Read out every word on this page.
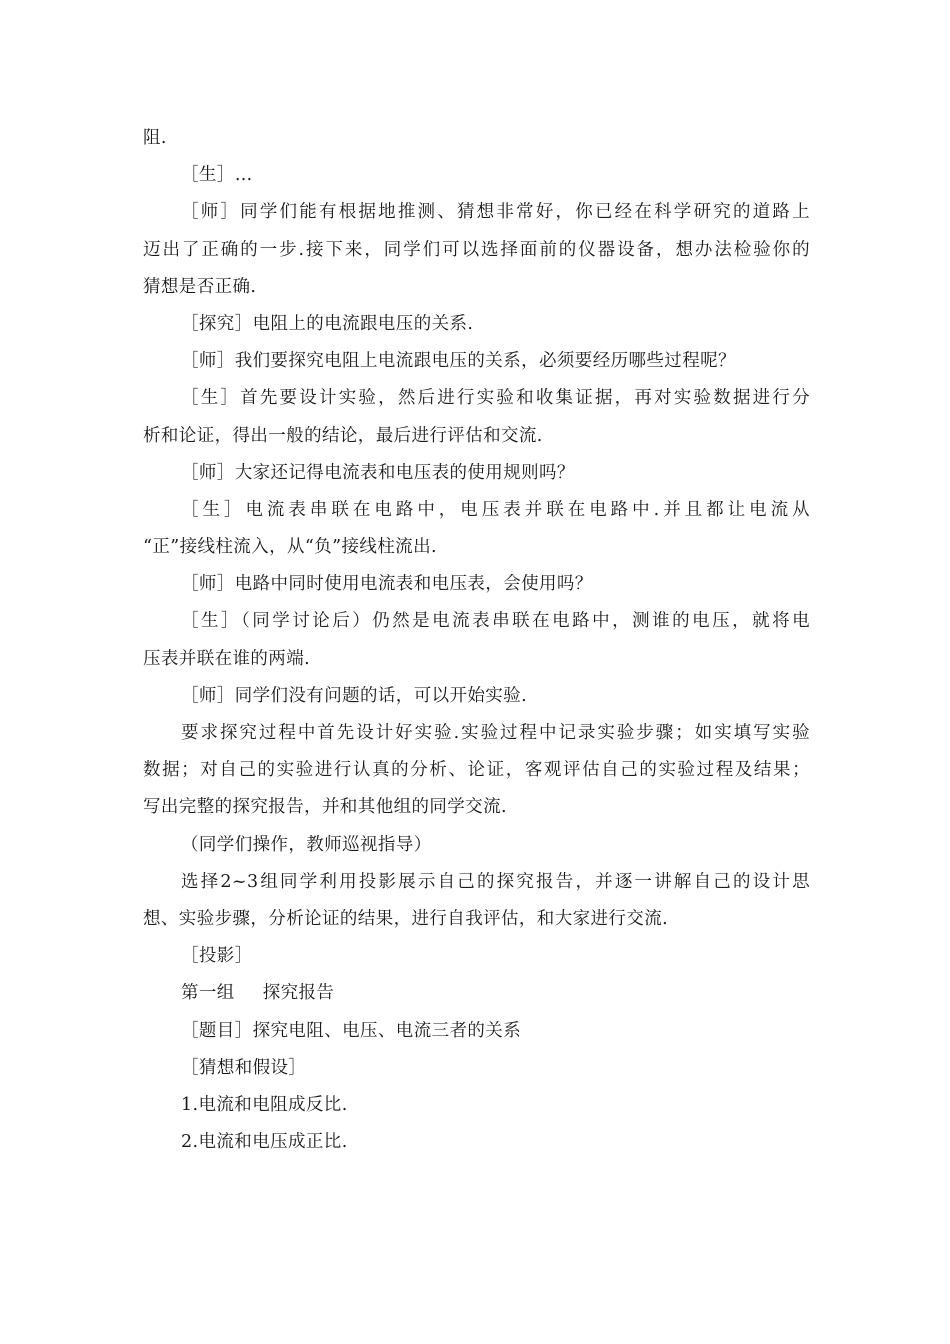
阻.
［生］…
［师］同学们能有根据地推测、猜想非常好，你已经在科学研究的道路上
迈出了正确的一步.接下来，同学们可以选择面前的仪器设备，想办法检验你的
猜想是否正确.
［探究］电阻上的电流跟电压的关系.
［师］我们要探究电阻上电流跟电压的关系，必须要经历哪些过程呢？
［生］首先要设计实验，然后进行实验和收集证据，再对实验数据进行分
析和论证，得出一般的结论，最后进行评估和交流.
［师］大家还记得电流表和电压表的使用规则吗？
［生］电流表串联在电路中，电压表并联在电路中.并且都让电流从
“正”接线柱流入，从“负”接线柱流出.
［师］电路中同时使用电流表和电压表，会使用吗？
［生］（同学讨论后）仍然是电流表串联在电路中，测谁的电压，就将电
压表并联在谁的两端.
［师］同学们没有问题的话，可以开始实验.
要求探究过程中首先设计好实验.实验过程中记录实验步骤；如实填写实验
数据；对自己的实验进行认真的分析、论证，客观评估自己的实验过程及结果；
写出完整的探究报告，并和其他组的同学交流.
（同学们操作，教师巡视指导）
选择2~3组同学利用投影展示自己的探究报告，并逐一讲解自己的设计思
想、实验步骤，分析论证的结果，进行自我评估，和大家进行交流.
［投影］
第一组 探究报告
［题目］探究电阻、电压、电流三者的关系
［猜想和假设］
1.电流和电阻成反比.
2.电流和电压成正比.
